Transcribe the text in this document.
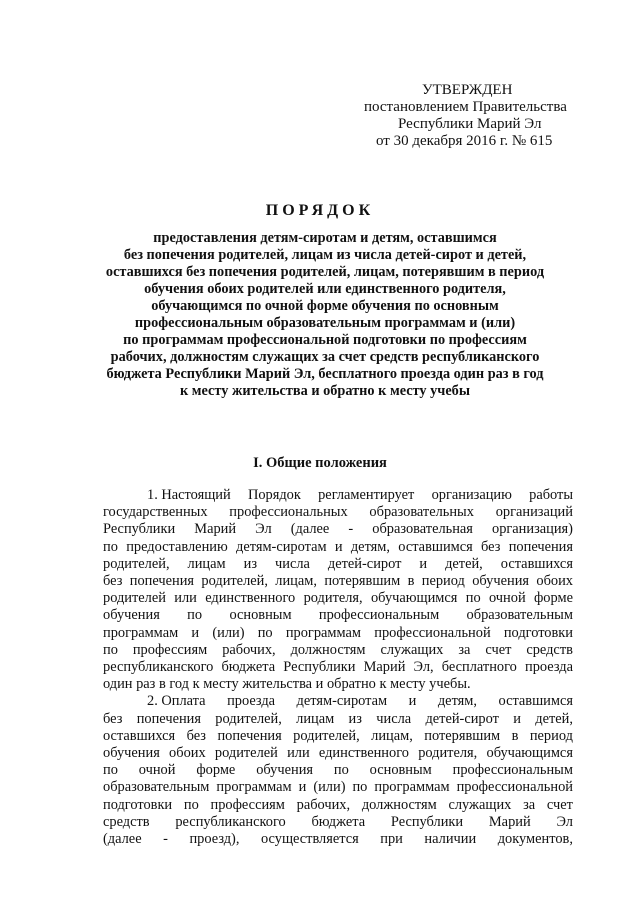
УТВЕРЖДЕН
постановлением Правительства
Республики Марий Эл
от 30 декабря 2016 г. № 615
ПОРЯДОК
предоставления детям-сиротам и детям, оставшимся
без попечения родителей, лицам из числа детей-сирот и детей,
оставшихся без попечения родителей, лицам, потерявшим в период
обучения обоих родителей или единственного родителя,
обучающимся по очной форме обучения по основным
профессиональным образовательным программам и (или)
по программам профессиональной подготовки по профессиям
рабочих, должностям служащих за счет средств республиканского
бюджета Республики Марий Эл, бесплатного проезда один раз в год
к месту жительства и обратно к месту учебы
I. Общие положения
1. Настоящий Порядок регламентирует организацию работы
государственных профессиональных образовательных организаций
Республики Марий Эл (далее - образовательная организация)
по предоставлению детям-сиротам и детям, оставшимся без попечения
родителей, лицам из числа детей-сирот и детей, оставшихся
без попечения родителей, лицам, потерявшим в период обучения обоих
родителей или единственного родителя, обучающимся по очной форме
обучения по основным профессиональным образовательным
программам и (или) по программам профессиональной подготовки
по профессиям рабочих, должностям служащих за счет средств
республиканского бюджета Республики Марий Эл, бесплатного проезда
один раз в год к месту жительства и обратно к месту учебы.
2. Оплата проезда детям-сиротам и детям, оставшимся
без попечения родителей, лицам из числа детей-сирот и детей,
оставшихся без попечения родителей, лицам, потерявшим в период
обучения обоих родителей или единственного родителя, обучающимся
по очной форме обучения по основным профессиональным
образовательным программам и (или) по программам профессиональной
подготовки по профессиям рабочих, должностям служащих за счет
средств республиканского бюджета Республики Марий Эл
(далее - проезд), осуществляется при наличии документов,
